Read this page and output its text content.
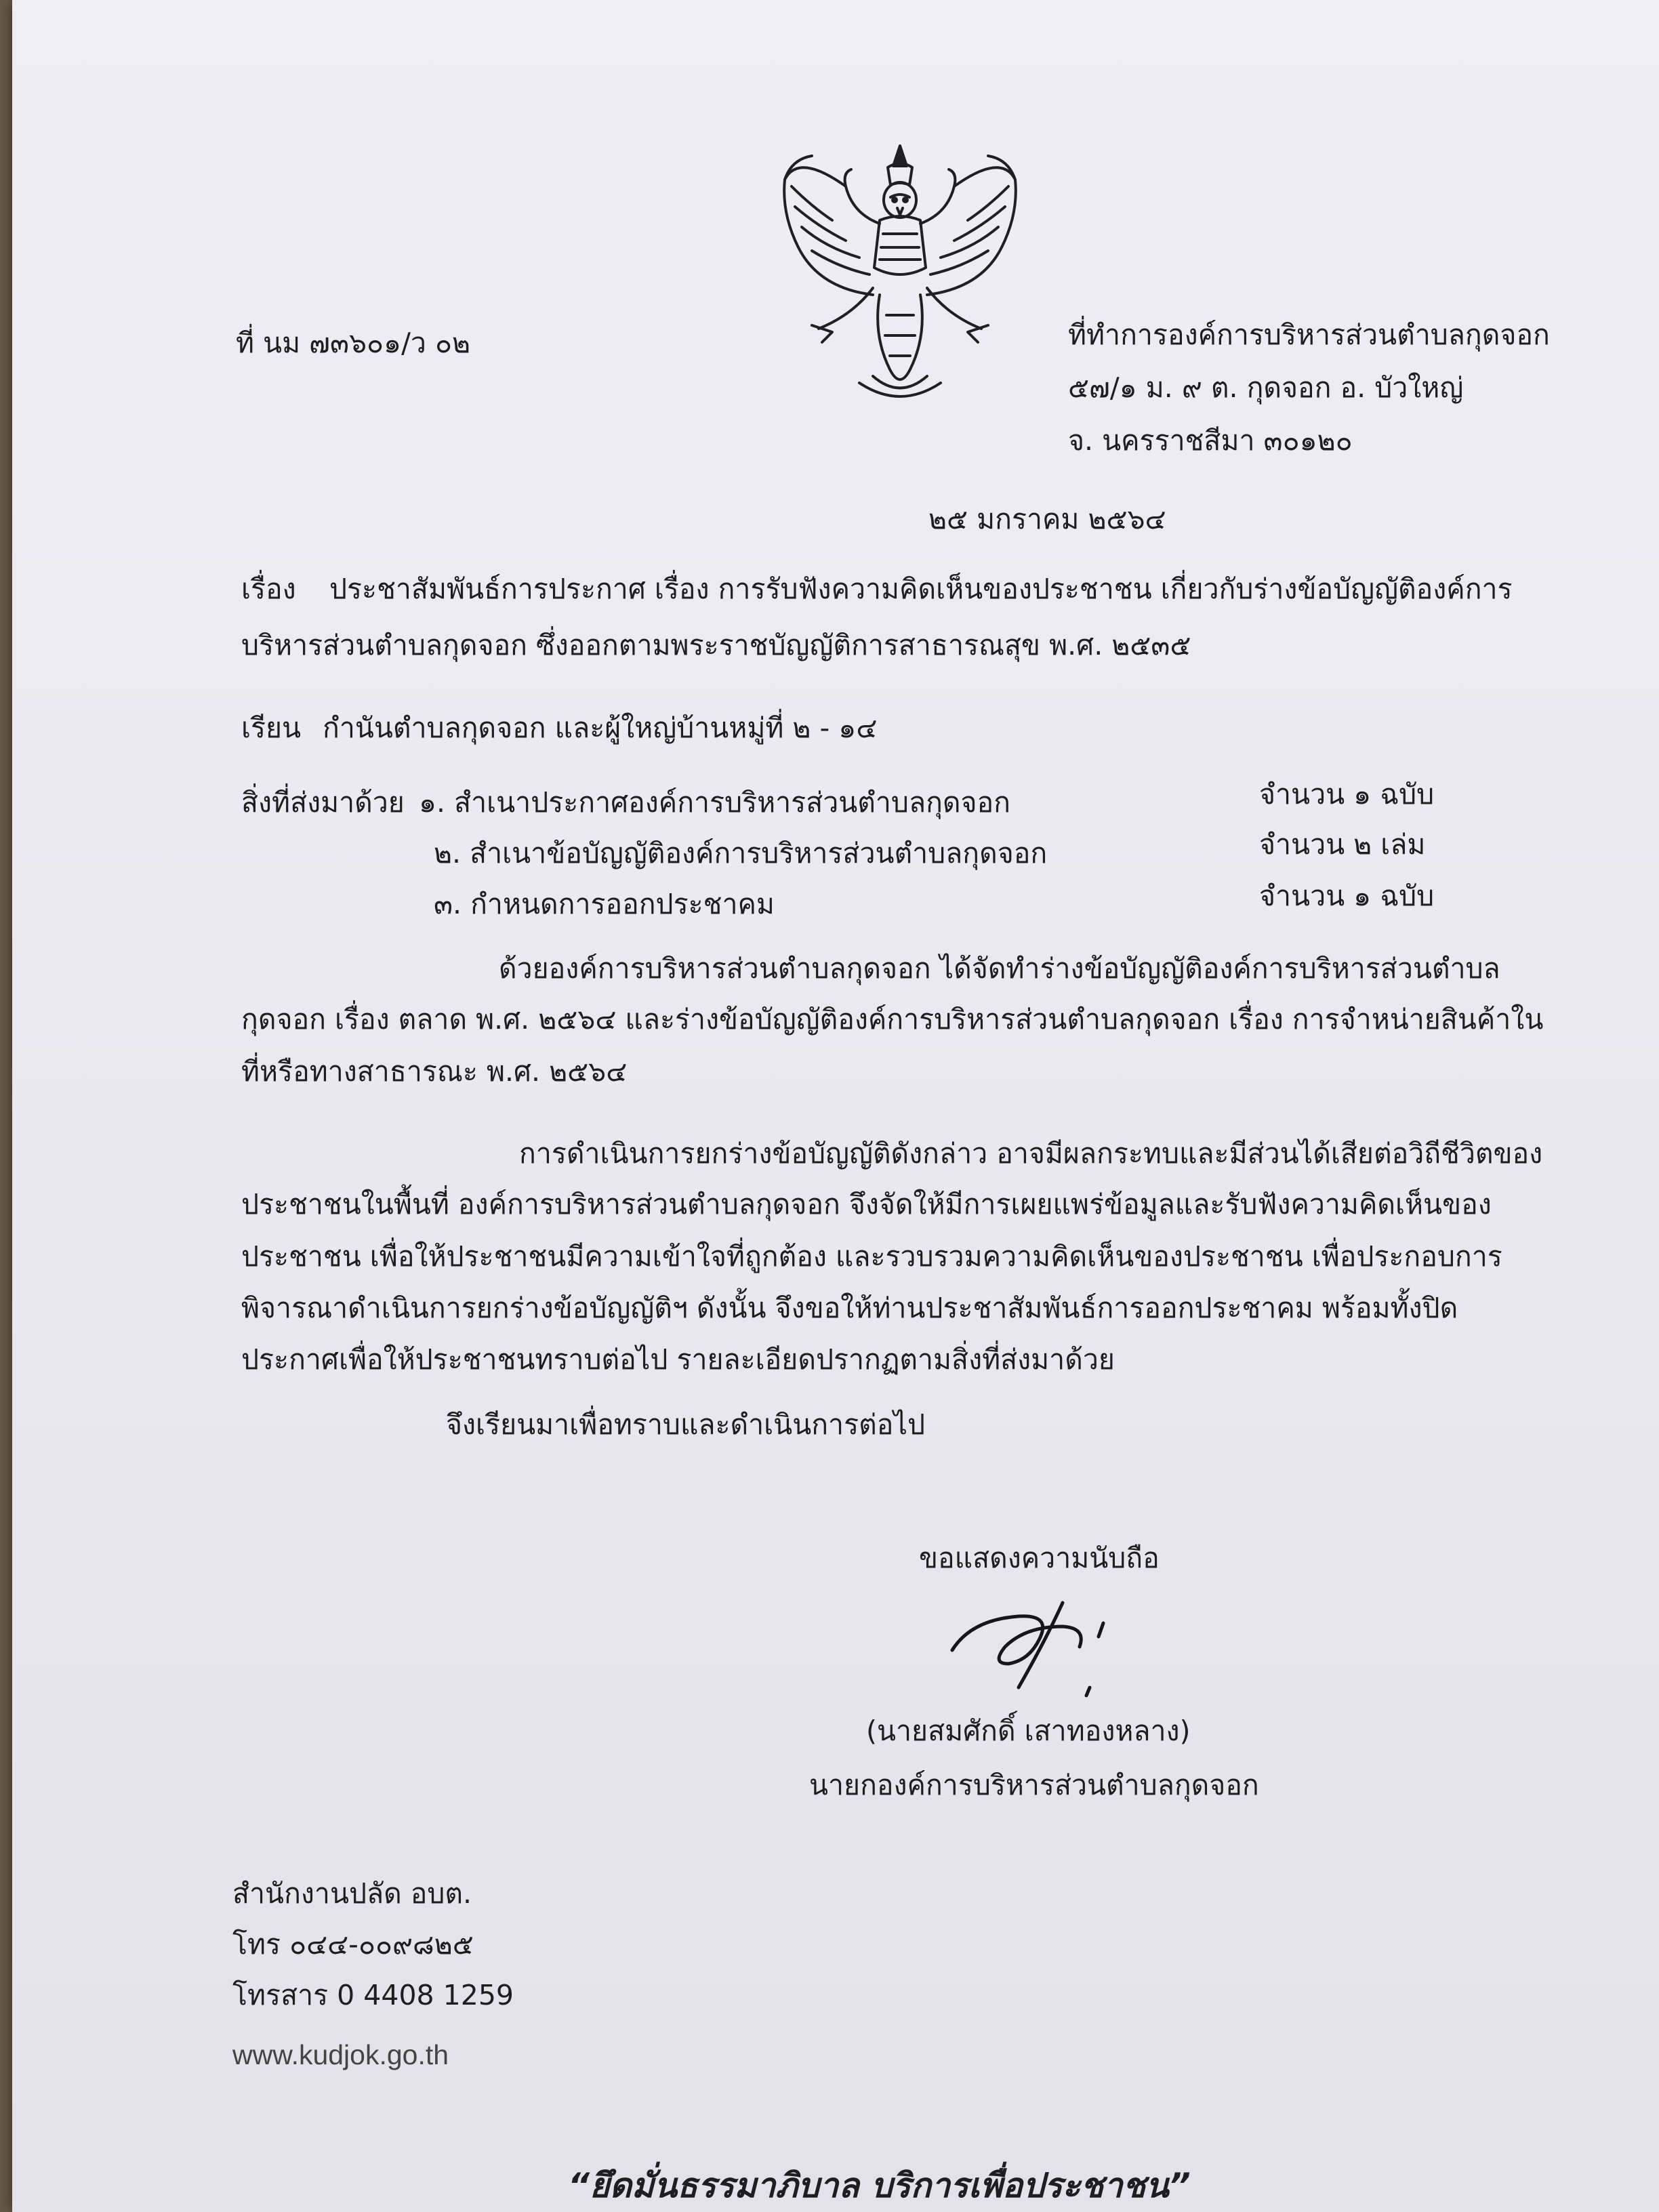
ที่ นม ๗๓๖๐๑/ว ๐๒	ที่ทำการองค์การบริหารส่วนตำบลกุดจอก
๕๗/๑ ม. ๙ ต. กุดจอก อ. บัวใหญ่
จ. นครราชสีมา ๓๐๑๒๐
๒๕ มกราคม ๒๕๖๔
เรื่อง ประชาสัมพันธ์การประกาศ เรื่อง การรับฟังความคิดเห็นของประชาชน เกี่ยวกับร่างข้อบัญญัติองค์การ
บริหารส่วนตำบลกุดจอก ซึ่งออกตามพระราชบัญญัติการสาธารณสุข พ.ศ. ๒๕๓๕
เรียน กำนันตำบลกุดจอก และผู้ใหญ่บ้านหมู่ที่ ๒ - ๑๔
สิ่งที่ส่งมาด้วย ๑. สำเนาประกาศองค์การบริหารส่วนตำบลกุดจอก	จำนวน ๑ ฉบับ
๒. สำเนาข้อบัญญัติองค์การบริหารส่วนตำบลกุดจอก	จำนวน ๒ เล่ม
๓. กำหนดการออกประชาคม	จำนวน ๑ ฉบับ
ด้วยองค์การบริหารส่วนตำบลกุดจอก ได้จัดทำร่างข้อบัญญัติองค์การบริหารส่วนตำบล
กุดจอก เรื่อง ตลาด พ.ศ. ๒๕๖๔ และร่างข้อบัญญัติองค์การบริหารส่วนตำบลกุดจอก เรื่อง การจำหน่ายสินค้าใน
ที่หรือทางสาธารณะ พ.ศ. ๒๕๖๔
การดำเนินการยกร่างข้อบัญญัติดังกล่าว อาจมีผลกระทบและมีส่วนได้เสียต่อวิถีชีวิตของ
ประชาชนในพื้นที่ องค์การบริหารส่วนตำบลกุดจอก จึงจัดให้มีการเผยแพร่ข้อมูลและรับฟังความคิดเห็นของ
ประชาชน เพื่อให้ประชาชนมีความเข้าใจที่ถูกต้อง และรวบรวมความคิดเห็นของประชาชน เพื่อประกอบการ
พิจารณาดำเนินการยกร่างข้อบัญญัติฯ ดังนั้น จึงขอให้ท่านประชาสัมพันธ์การออกประชาคม พร้อมทั้งปิด
ประกาศเพื่อให้ประชาชนทราบต่อไป รายละเอียดปรากฏตามสิ่งที่ส่งมาด้วย
จึงเรียนมาเพื่อทราบและดำเนินการต่อไป
ขอแสดงความนับถือ
(นายสมศักดิ์ เสาทองหลาง)
นายกองค์การบริหารส่วนตำบลกุดจอก
สำนักงานปลัด อบต.
โทร ๐๔๔-๐๐๙๘๒๕
โทรสาร 0 4408 1259
www.kudjok.go.th
“ยึดมั่นธรรมาภิบาล บริการเพื่อประชาชน”
